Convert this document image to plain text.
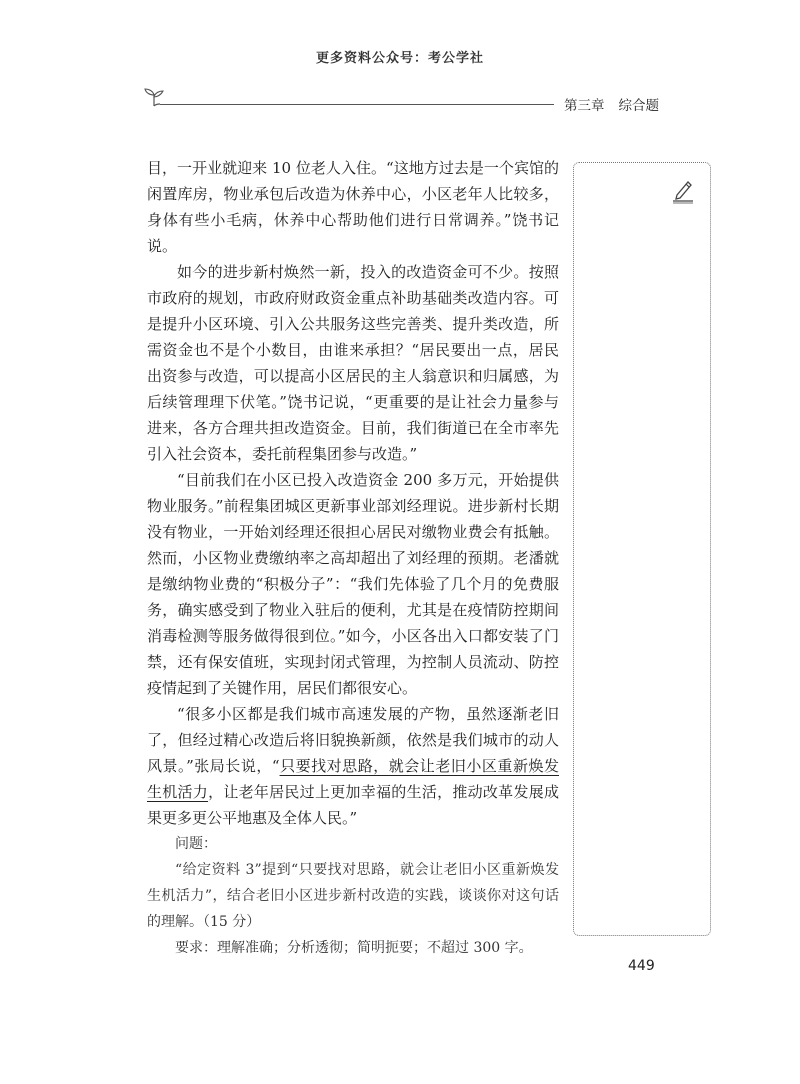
更多资料公众号：考公学社
第三章 综合题

目，一开业就迎来 10 位老人入住。“这地方过去是一个宾馆的闲置库房，物业承包后改造为休养中心，小区老年人比较多，身体有些小毛病，休养中心帮助他们进行日常调养。”饶书记说。

如今的进步新村焕然一新，投入的改造资金可不少。按照市政府的规划，市政府财政资金重点补助基础类改造内容。可是提升小区环境、引入公共服务这些完善类、提升类改造，所需资金也不是个小数目，由谁来承担？“居民要出一点，居民出资参与改造，可以提高小区居民的主人翁意识和归属感，为后续管理理下伏笔。”饶书记说，“更重要的是让社会力量参与进来，各方合理共担改造资金。目前，我们街道已在全市率先引入社会资本，委托前程集团参与改造。”

“目前我们在小区已投入改造资金 200 多万元，开始提供物业服务。”前程集团城区更新事业部刘经理说。进步新村长期没有物业，一开始刘经理还很担心居民对缴物业费会有抵触。然而，小区物业费缴纳率之高却超出了刘经理的预期。老潘就是缴纳物业费的“积极分子”：“我们先体验了几个月的免费服务，确实感受到了物业入驻后的便利，尤其是在疫情防控期间消毒检测等服务做得很到位。”如今，小区各出入口都安装了门禁，还有保安值班，实现封闭式管理，为控制人员流动、防控疫情起到了关键作用，居民们都很安心。

“很多小区都是我们城市高速发展的产物，虽然逐渐老旧了，但经过精心改造后将旧貌换新颜，依然是我们城市的动人风景。”张局长说，“只要找对思路，就会让老旧小区重新焕发生机活力，让老年居民过上更加幸福的生活，推动改革发展成果更多更公平地惠及全体人民。”

问题：

“给定资料 3”提到“只要找对思路，就会让老旧小区重新焕发生机活力”，结合老旧小区进步新村改造的实践，谈谈你对这句话的理解。（15 分）

要求：理解准确；分析透彻；简明扼要；不超过 300 字。

449
